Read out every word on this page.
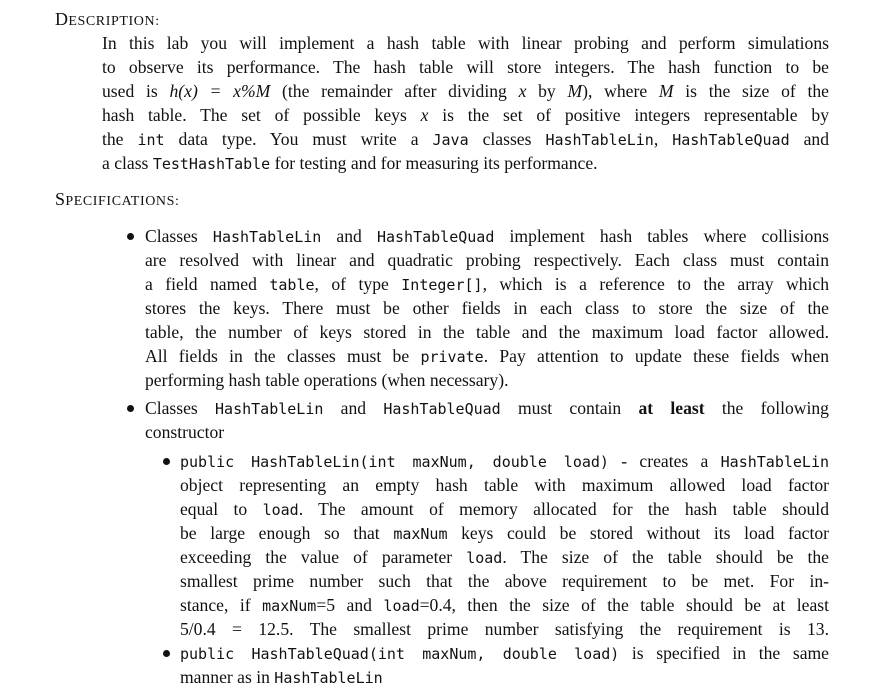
DESCRIPTION:
In this lab you will implement a hash table with linear probing and perform simulations
to observe its performance. The hash table will store integers. The hash function to be
used is h(x) = x%M (the remainder after dividing x by M), where M is the size of the
hash table. The set of possible keys x is the set of positive integers representable by
the int data type. You must write a Java classes HashTableLin, HashTableQuad and
a class TestHashTable for testing and for measuring its performance.
SPECIFICATIONS:
Classes HashTableLin and HashTableQuad implement hash tables where collisions
are resolved with linear and quadratic probing respectively. Each class must contain
a field named table, of type Integer[], which is a reference to the array which
stores the keys. There must be other fields in each class to store the size of the
table, the number of keys stored in the table and the maximum load factor allowed.
All fields in the classes must be private. Pay attention to update these fields when
performing hash table operations (when necessary).
Classes HashTableLin and HashTableQuad must contain at least the following
constructor
public HashTableLin(int maxNum, double load) - creates a HashTableLin
object representing an empty hash table with maximum allowed load factor
equal to load. The amount of memory allocated for the hash table should
be large enough so that maxNum keys could be stored without its load factor
exceeding the value of parameter load. The size of the table should be the
smallest prime number such that the above requirement to be met. For in-
stance, if maxNum=5 and load=0.4, then the size of the table should be at least
5/0.4 = 12.5. The smallest prime number satisfying the requirement is 13.
public HashTableQuad(int maxNum, double load) is specified in the same
manner as in HashTableLin
